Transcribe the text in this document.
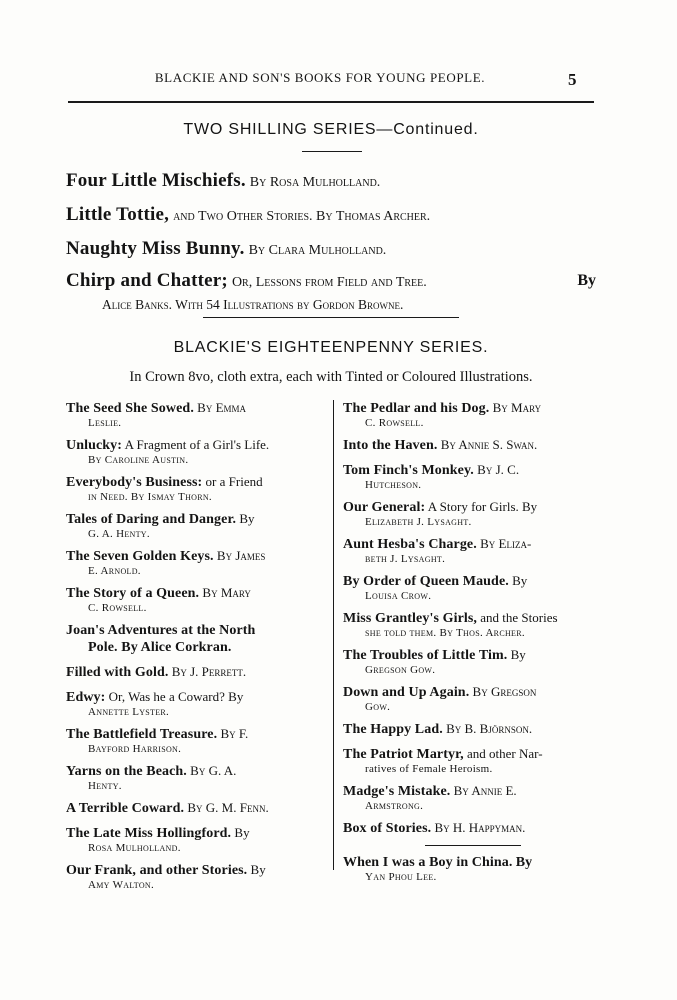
BLACKIE AND SON'S BOOKS FOR YOUNG PEOPLE.	5
TWO SHILLING SERIES—Continued.
Four Little Mischiefs. By Rosa Mulholland.
Little Tottie, and Two Other Stories. By Thomas Archer.
Naughty Miss Bunny. By Clara Mulholland.
By
Chirp and Chatter; Or, Lessons from Field and Tree.
Alice Banks. With 54 Illustrations by Gordon Browne.
BLACKIE'S EIGHTEENPENNY SERIES.
In Crown 8vo, cloth extra, each with Tinted or Coloured Illustrations.
The Seed She Sowed. By Emma
Leslie.
Unlucky: A Fragment of a Girl's Life.
By Caroline Austin.
Everybody's Business: or a Friend
in Need. By Ismay Thorn.
Tales of Daring and Danger. By
G. A. Henty.
The Seven Golden Keys. By James
E. Arnold.
The Story of a Queen. By Mary
C. Rowsell.
Joan's Adventures at the North
Pole. By Alice Corkran.
Filled with Gold. By J. Perrett.
Edwy: Or, Was he a Coward? By
Annette Lyster.
The Battlefield Treasure. By F.
Bayford Harrison.
Yarns on the Beach. By G. A.
Henty.
A Terrible Coward. By G. M. Fenn.
The Late Miss Hollingford. By
Rosa Mulholland.
Our Frank, and other Stories. By
Amy Walton.
The Pedlar and his Dog. By Mary
C. Rowsell.
Into the Haven. By Annie S. Swan.
Tom Finch's Monkey. By J. C.
Hutcheson.
Our General: A Story for Girls. By
Elizabeth J. Lysaght.
Aunt Hesba's Charge. By Eliza-
beth J. Lysaght.
By Order of Queen Maude. By
Louisa Crow.
Miss Grantley's Girls, and the Stories
she told them. By Thos. Archer.
The Troubles of Little Tim. By
Gregson Gow.
Down and Up Again. By Gregson
Gow.
The Happy Lad. By B. Björnson.
The Patriot Martyr, and other Nar-
ratives of Female Heroism.
Madge's Mistake. By Annie E.
Armstrong.
Box of Stories. By H. Happyman.
When I was a Boy in China. By
Yan Phou Lee.
